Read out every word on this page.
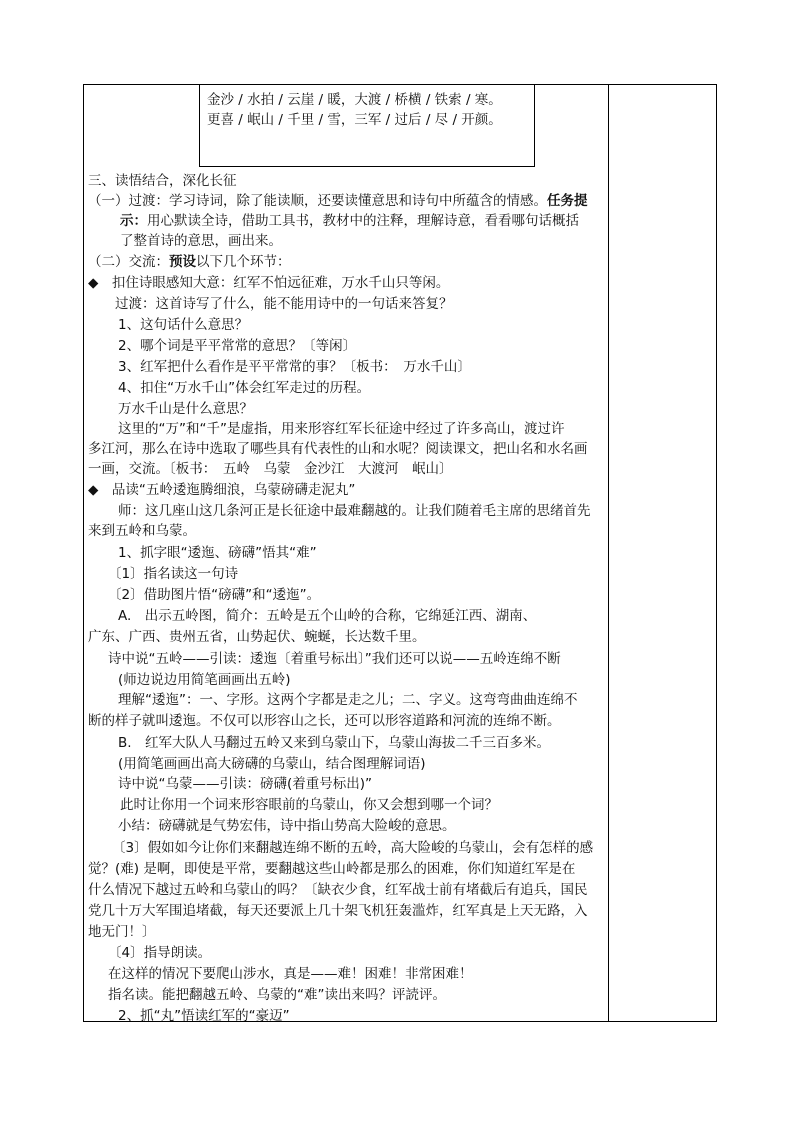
金沙 / 水拍 / 云崖 / 暖，大渡 / 桥横 / 铁索 / 寒。
更喜 / 岷山 / 千里 / 雪，三军 / 过后 / 尽 / 开颜。
三、读悟结合，深化长征
（一）过渡：学习诗词，除了能读顺，还要读懂意思和诗句中所蕴含的情感。任务提
示：用心默读全诗，借助工具书，教材中的注释，理解诗意，看看哪句话概括
了整首诗的意思，画出来。
（二）交流：预设以下几个环节：
◆　扣住诗眼感知大意：红军不怕远征难，万水千山只等闲。
过渡：这首诗写了什么，能不能用诗中的一句话来答复？
1、这句话什么意思？
2、哪个词是平平常常的意思？〔等闲〕
3、红军把什么看作是平平常常的事？〔板书：　万水千山〕
4、扣住“万水千山”体会红军走过的历程。
万水千山是什么意思？
这里的“万”和“千”是虚指，用来形容红军长征途中经过了许多高山，渡过许
多江河，那么在诗中选取了哪些具有代表性的山和水呢？阅读课文，把山名和水名画
一画，交流。〔板书：　五岭　乌蒙　金沙江　大渡河　岷山〕
◆　品读“五岭逶迤腾细浪，乌蒙磅礴走泥丸”
师：这几座山这几条河正是长征途中最难翻越的。让我们随着毛主席的思绪首先
来到五岭和乌蒙。
1、抓字眼“逶迤、磅礴”悟其“难”
〔1〕指名读这一句诗
〔2〕借助图片悟“磅礴”和“逶迤”。
A.　出示五岭图，简介：五岭是五个山岭的合称，它绵延江西、湖南、
广东、广西、贵州五省，山势起伏、蜿蜒，长达数千里。
诗中说“五岭——引读：逶迤〔着重号标出〕”我们还可以说——五岭连绵不断
(师边说边用简笔画画出五岭)
理解“逶迤”：一、字形。这两个字都是走之儿；二、字义。这弯弯曲曲连绵不
断的样子就叫逶迤。不仅可以形容山之长，还可以形容道路和河流的连绵不断。
B.　红军大队人马翻过五岭又来到乌蒙山下，乌蒙山海拔二千三百多米。
(用简笔画画出高大磅礴的乌蒙山，结合图理解词语)
诗中说“乌蒙——引读：磅礴(着重号标出)”
此时让你用一个词来形容眼前的乌蒙山，你又会想到哪一个词？
小结：磅礴就是气势宏伟，诗中指山势高大险峻的意思。
〔3〕假如如今让你们来翻越连绵不断的五岭，高大险峻的乌蒙山，会有怎样的感
觉？(难) 是啊，即使是平常，要翻越这些山岭都是那么的困难，你们知道红军是在
什么情况下越过五岭和乌蒙山的吗？〔缺衣少食，红军战士前有堵截后有追兵，国民
党几十万大军围追堵截，每天还要派上几十架飞机狂轰滥炸，红军真是上天无路，入
地无门！〕
〔4〕指导朗读。
在这样的情况下要爬山涉水，真是——难！困难！非常困难！
指名读。能把翻越五岭、乌蒙的“难”读出来吗？评読评。
2、抓“丸”悟读红军的“豪迈”
